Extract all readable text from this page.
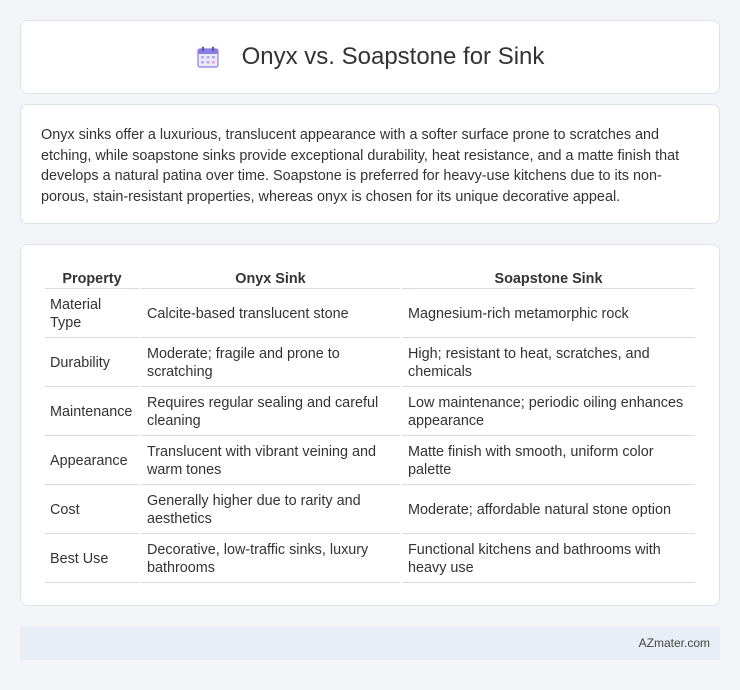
Onyx vs. Soapstone for Sink

Onyx sinks offer a luxurious, translucent appearance with a softer surface prone to scratches and etching, while soapstone sinks provide exceptional durability, heat resistance, and a matte finish that develops a natural patina over time. Soapstone is preferred for heavy-use kitchens due to its non-porous, stain-resistant properties, whereas onyx is chosen for its unique decorative appeal.

Property	Onyx Sink	Soapstone Sink
Material Type	Calcite-based translucent stone	Magnesium-rich metamorphic rock
Durability	Moderate; fragile and prone to scratching	High; resistant to heat, scratches, and chemicals
Maintenance	Requires regular sealing and careful cleaning	Low maintenance; periodic oiling enhances appearance
Appearance	Translucent with vibrant veining and warm tones	Matte finish with smooth, uniform color palette
Cost	Generally higher due to rarity and aesthetics	Moderate; affordable natural stone option
Best Use	Decorative, low-traffic sinks, luxury bathrooms	Functional kitchens and bathrooms with heavy use
AZmater.com
